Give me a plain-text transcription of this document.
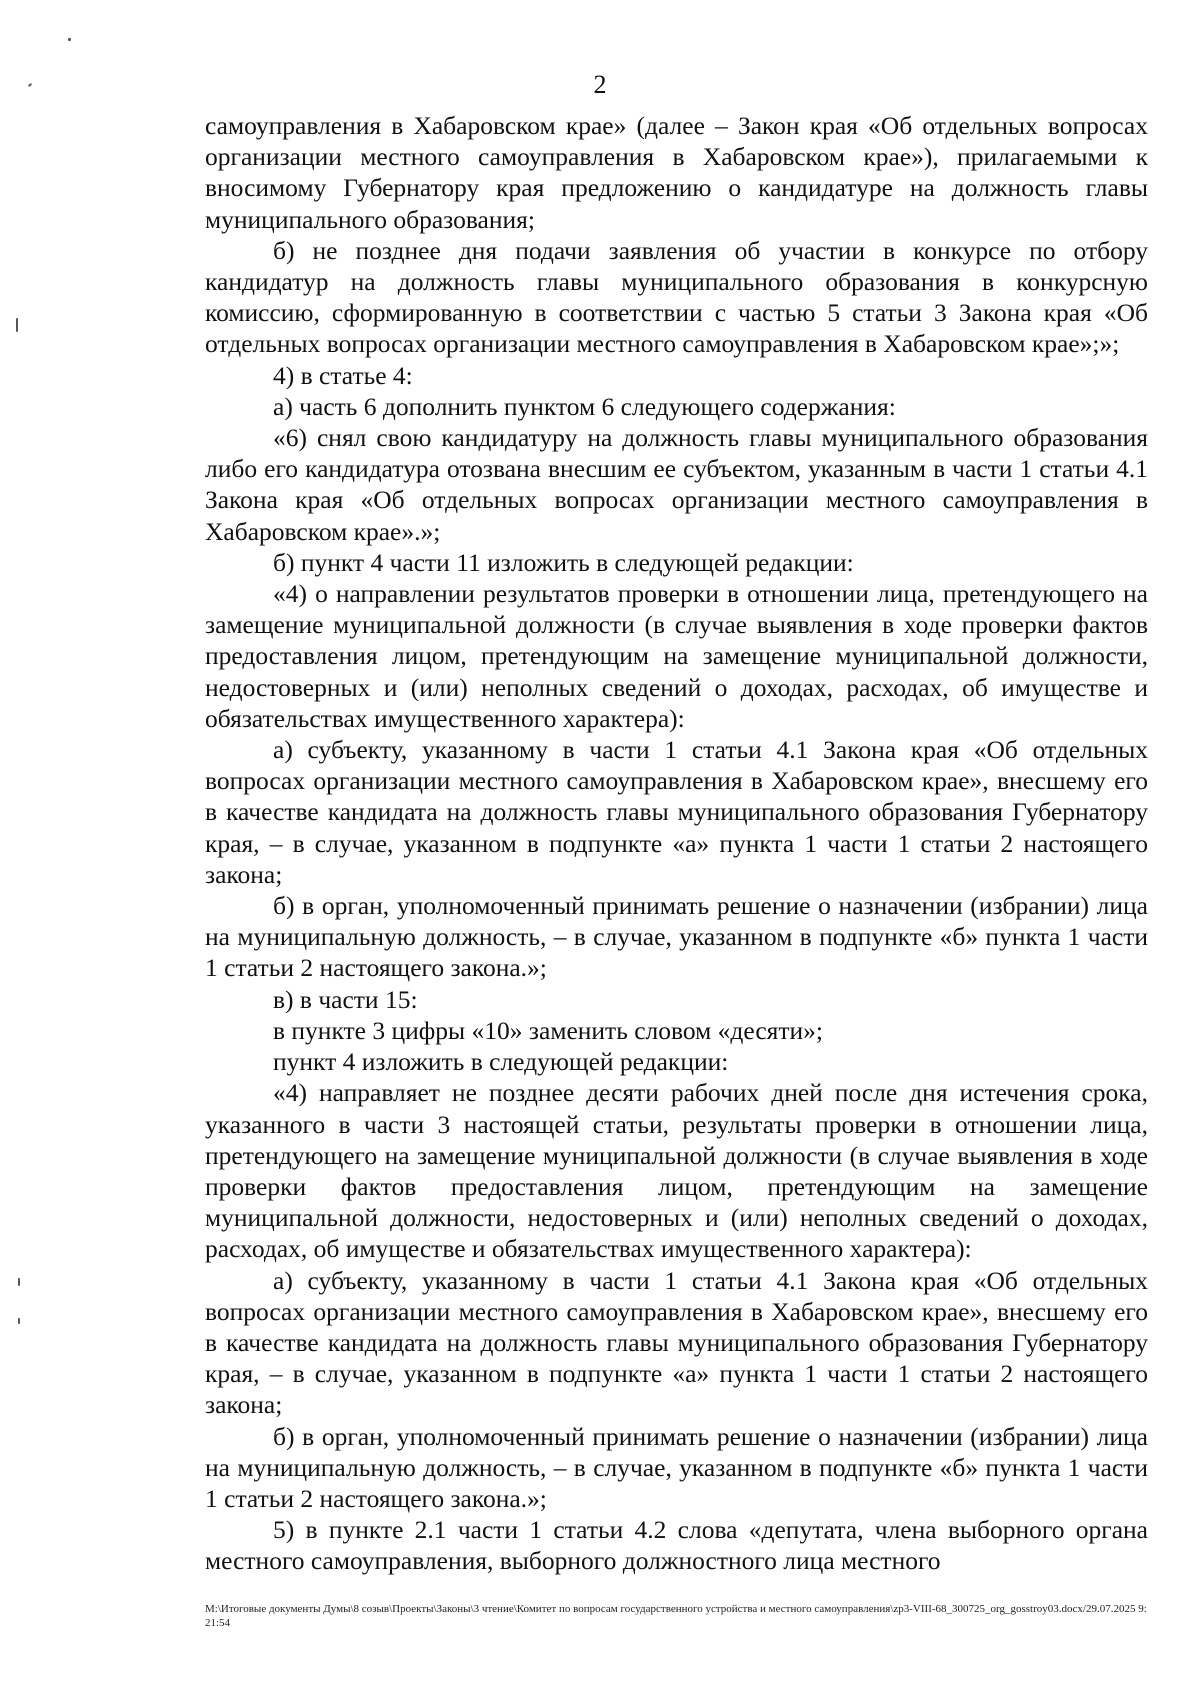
2

самоуправления в Хабаровском крае» (далее – Закон края «Об отдельных вопросах организации местного самоуправления в Хабаровском крае»), прилагаемыми к вносимому Губернатору края предложению о кандидатуре на должность главы муниципального образования;

б) не позднее дня подачи заявления об участии в конкурсе по отбору кандидатур на должность главы муниципального образования в конкурсную комиссию, сформированную в соответствии с частью 5 статьи 3 Закона края «Об отдельных вопросах организации местного самоуправления в Хабаровском крае»;»;

4) в статье 4:

а) часть 6 дополнить пунктом 6 следующего содержания:

«6) снял свою кандидатуру на должность главы муниципального образования либо его кандидатура отозвана внесшим ее субъектом, указанным в части 1 статьи 4.1 Закона края «Об отдельных вопросах организации местного самоуправления в Хабаровском крае».»;

б) пункт 4 части 11 изложить в следующей редакции:

«4) о направлении результатов проверки в отношении лица, претендующего на замещение муниципальной должности (в случае выявления в ходе проверки фактов предоставления лицом, претендующим на замещение муниципальной должности, недостоверных и (или) неполных сведений о доходах, расходах, об имуществе и обязательствах имущественного характера):

а) субъекту, указанному в части 1 статьи 4.1 Закона края «Об отдельных вопросах организации местного самоуправления в Хабаровском крае», внесшему его в качестве кандидата на должность главы муниципального образования Губернатору края, – в случае, указанном в подпункте «а» пункта 1 части 1 статьи 2 настоящего закона;

б) в орган, уполномоченный принимать решение о назначении (избрании) лица на муниципальную должность, – в случае, указанном в подпункте «б» пункта 1 части 1 статьи 2 настоящего закона.»;

в) в части 15:

в пункте 3 цифры «10» заменить словом «десяти»;

пункт 4 изложить в следующей редакции:

«4) направляет не позднее десяти рабочих дней после дня истечения срока, указанного в части 3 настоящей статьи, результаты проверки в отношении лица, претендующего на замещение муниципальной должности (в случае выявления в ходе проверки фактов предоставления лицом, претендующим на замещение муниципальной должности, недостоверных и (или) неполных сведений о доходах, расходах, об имуществе и обязательствах имущественного характера):

а) субъекту, указанному в части 1 статьи 4.1 Закона края «Об отдельных вопросах организации местного самоуправления в Хабаровском крае», внесшему его в качестве кандидата на должность главы муниципального образования Губернатору края, – в случае, указанном в подпункте «а» пункта 1 части 1 статьи 2 настоящего закона;

б) в орган, уполномоченный принимать решение о назначении (избрании) лица на муниципальную должность, – в случае, указанном в подпункте «б» пункта 1 части 1 статьи 2 настоящего закона.»;

5) в пункте 2.1 части 1 статьи 4.2 слова «депутата, члена выборного органа местного самоуправления, выборного должностного лица местного

М:\Итоговые документы Думы\8 созыв\Проекты\Законы\3 чтение\Комитет по вопросам государственного устройства и местного самоуправления\zp3-VIII-68_300725_org_gosstroy03.docx/29.07.2025 9:21:54
